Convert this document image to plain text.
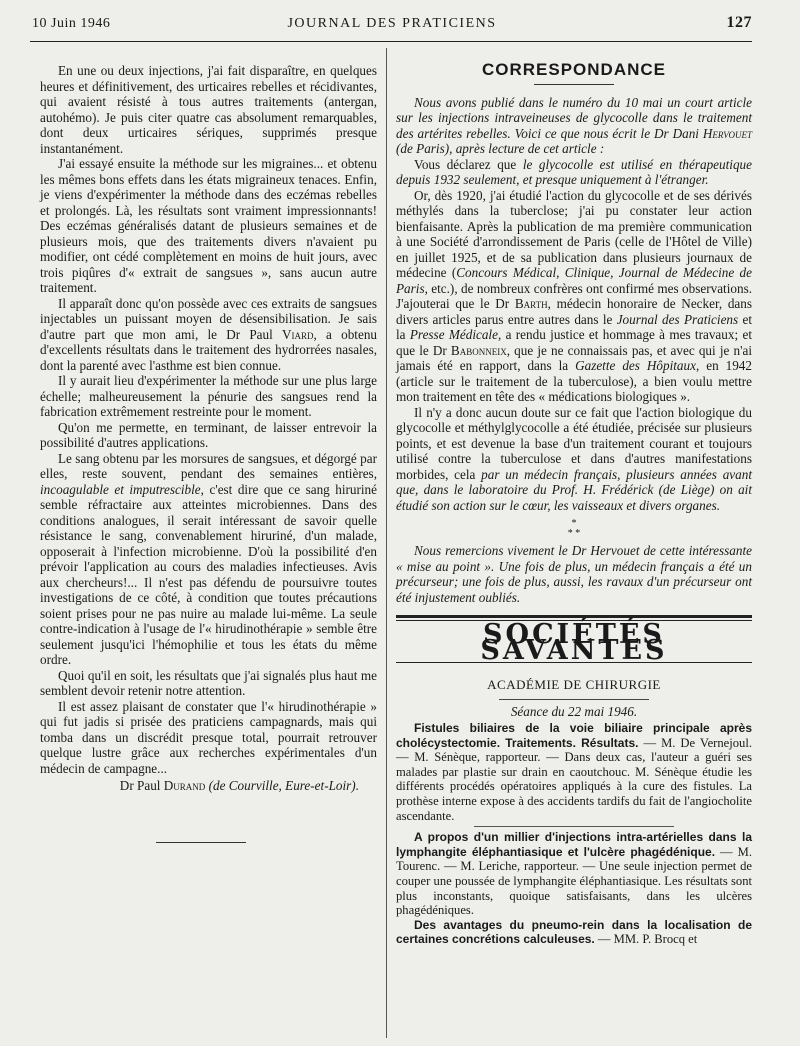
10 Juin 1946	JOURNAL DES PRATICIENS	127

En une ou deux injections, j'ai fait disparaître, en quelques heures et définitivement, des urticaires rebelles et récidivantes, qui avaient résisté à tous autres traitements (antergan, autohémo). Je puis citer quatre cas absolument remarquables, dont deux urticaires sériques, supprimés presque instantanément.

J'ai essayé ensuite la méthode sur les migraines... et obtenu les mêmes bons effets dans les états migraineux tenaces. Enfin, je viens d'expérimenter la méthode dans des eczémas rebelles et prolongés. Là, les résultats sont vraiment impressionnants! Des eczémas généralisés datant de plusieurs semaines et de plusieurs mois, que des traitements divers n'avaient pu modifier, ont cédé complètement en moins de huit jours, avec trois piqûres d'« extrait de sangsues », sans aucun autre traitement.

Il apparaît donc qu'on possède avec ces extraits de sangsues injectables un puissant moyen de désensibilisation. Je sais d'autre part que mon ami, le Dr Paul Viard, a obtenu d'excellents résultats dans le traitement des hydrorrées nasales, dont la parenté avec l'asthme est bien connue.

Il y aurait lieu d'expérimenter la méthode sur une plus large échelle; malheureusement la pénurie des sangsues rend la fabrication extrêmement restreinte pour le moment.

Qu'on me permette, en terminant, de laisser entrevoir la possibilité d'autres applications.

Le sang obtenu par les morsures de sangsues, et dégorgé par elles, reste souvent, pendant des semaines entières, incoagulable et imputrescible, c'est dire que ce sang hiruriné semble réfractaire aux atteintes microbiennes. Dans des conditions analogues, il serait intéressant de savoir quelle résistance le sang, convenablement hiruriné, d'un malade, opposerait à l'infection microbienne. D'où la possibilité d'en prévoir l'application au cours des maladies infectieuses. Avis aux chercheurs!... Il n'est pas défendu de poursuivre toutes investigations de ce côté, à condition que toutes précautions soient prises pour ne pas nuire au malade lui-même. La seule contre-indication à l'usage de l'« hirudinothérapie » semble être seulement jusqu'ici l'hémophilie et tous les états du même ordre.

Quoi qu'il en soit, les résultats que j'ai signalés plus haut me semblent devoir retenir notre attention.

Il est assez plaisant de constater que l'« hirudinothérapie » qui fut jadis si prisée des praticiens campagnards, mais qui tomba dans un discrédit presque total, pourrait retrouver quelque lustre grâce aux recherches expérimentales d'un médecin de campagne...

Dr Paul Durand (de Courville, Eure-et-Loir).
CORRESPONDANCE

Nous avons publié dans le numéro du 10 mai un court article sur les injections intraveineuses de glycocolle dans le traitement des artérites rebelles. Voici ce que nous écrit le Dr Dani Hervouet (de Paris), après lecture de cet article :

Vous déclarez que le glycocolle est utilisé en thérapeutique depuis 1932 seulement, et presque uniquement à l'étranger.

Or, dès 1920, j'ai étudié l'action du glycocolle et de ses dérivés méthylés dans la tuberclose; j'ai pu constater leur action bienfaisante. Après la publication de ma première communication à une Société d'arrondissement de Paris (celle de l'Hôtel de Ville) en juillet 1925, et de sa publication dans plusieurs journaux de médecine (Concours Médical, Clinique, Journal de Médecine de Paris, etc.), de nombreux confrères ont confirmé mes observations. J'ajouterai que le Dr Barth, médecin honoraire de Necker, dans divers articles parus entre autres dans le Journal des Praticiens et la Presse Médicale, a rendu justice et hommage à mes travaux; et que le Dr Babonneix, que je ne connaissais pas, et avec qui je n'ai jamais été en rapport, dans la Gazette des Hôpitaux, en 1942 (article sur le traitement de la tuberculose), a bien voulu mettre mon traitement en tête des « médications biologiques ».

Il n'y a donc aucun doute sur ce fait que l'action biologique du glycocolle et méthylglycocolle a été étudiée, précisée sur plusieurs points, et est devenue la base d'un traitement courant et toujours utilisé contre la tuberculose et dans d'autres manifestations morbides, cela par un médecin français, plusieurs années avant que, dans le laboratoire du Prof. H. Frédérick (de Liège) on ait étudié son action sur le cœur, les vaisseaux et divers organes.

*
* *

Nous remercions vivement le Dr Hervouet de cette intéressante « mise au point ». Une fois de plus, un médecin français a été un précurseur; une fois de plus, aussi, les ravaux d'un précurseur ont été injustement oubliés.

SOCIÉTÉS SAVANTES
ACADÉMIE DE CHIRURGIE
Séance du 22 mai 1946.

Fistules biliaires de la voie biliaire principale après cholécystectomie. Traitements. Résultats. — M. De Vernejoul. — M. Sénèque, rapporteur. — Dans deux cas, l'auteur a guéri ses malades par plastie sur drain en caoutchouc. M. Sénèque étudie les différents procédés opératoires appliqués à la cure des fistules. La prothèse interne expose à des accidents tardifs du fait de l'angiocholite ascendante.

A propos d'un millier d'injections intra-artérielles dans la lymphangite éléphantiasique et l'ulcère phagédénique. — M. Tourenc. — M. Leriche, rapporteur. — Une seule injection permet de couper une poussée de lymphangite éléphantiasique. Les résultats sont plus inconstants, quoique satisfaisants, dans les ulcères phagédéniques.

Des avantages du pneumo-rein dans la localisation de certaines concrétions calculeuses. — MM. P. Brocq et
